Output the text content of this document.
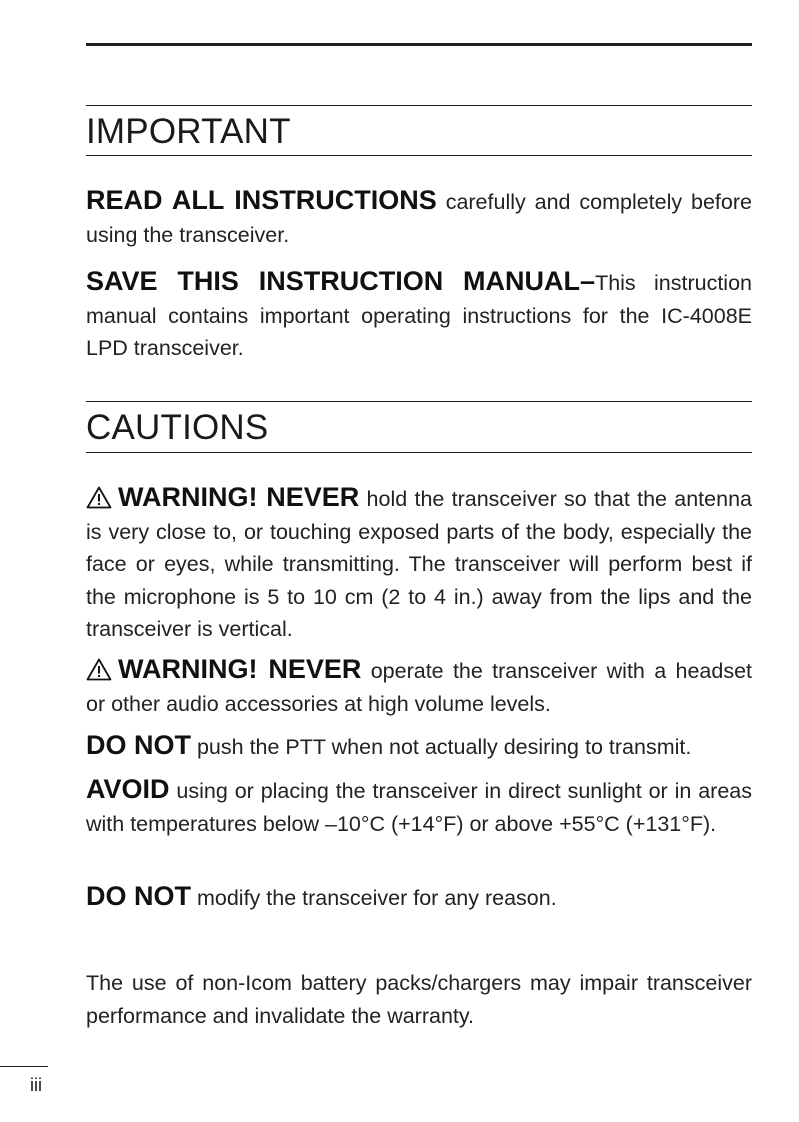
IMPORTANT

READ ALL INSTRUCTIONS carefully and completely before using the transceiver.

SAVE THIS INSTRUCTION MANUAL–This instruction manual contains important operating instructions for the IC-4008E LPD transceiver.

CAUTIONS

WARNING! NEVER hold the transceiver so that the antenna is very close to, or touching exposed parts of the body, especially the face or eyes, while transmitting. The transceiver will perform best if the microphone is 5 to 10 cm (2 to 4 in.) away from the lips and the transceiver is vertical.

WARNING! NEVER operate the transceiver with a headset or other audio accessories at high volume levels.

DO NOT push the PTT when not actually desiring to transmit.

AVOID using or placing the transceiver in direct sunlight or in areas with temperatures below –10°C (+14°F) or above +55°C (+131°F).

DO NOT modify the transceiver for any reason.

The use of non-Icom battery packs/chargers may impair transceiver performance and invalidate the warranty.

iii
